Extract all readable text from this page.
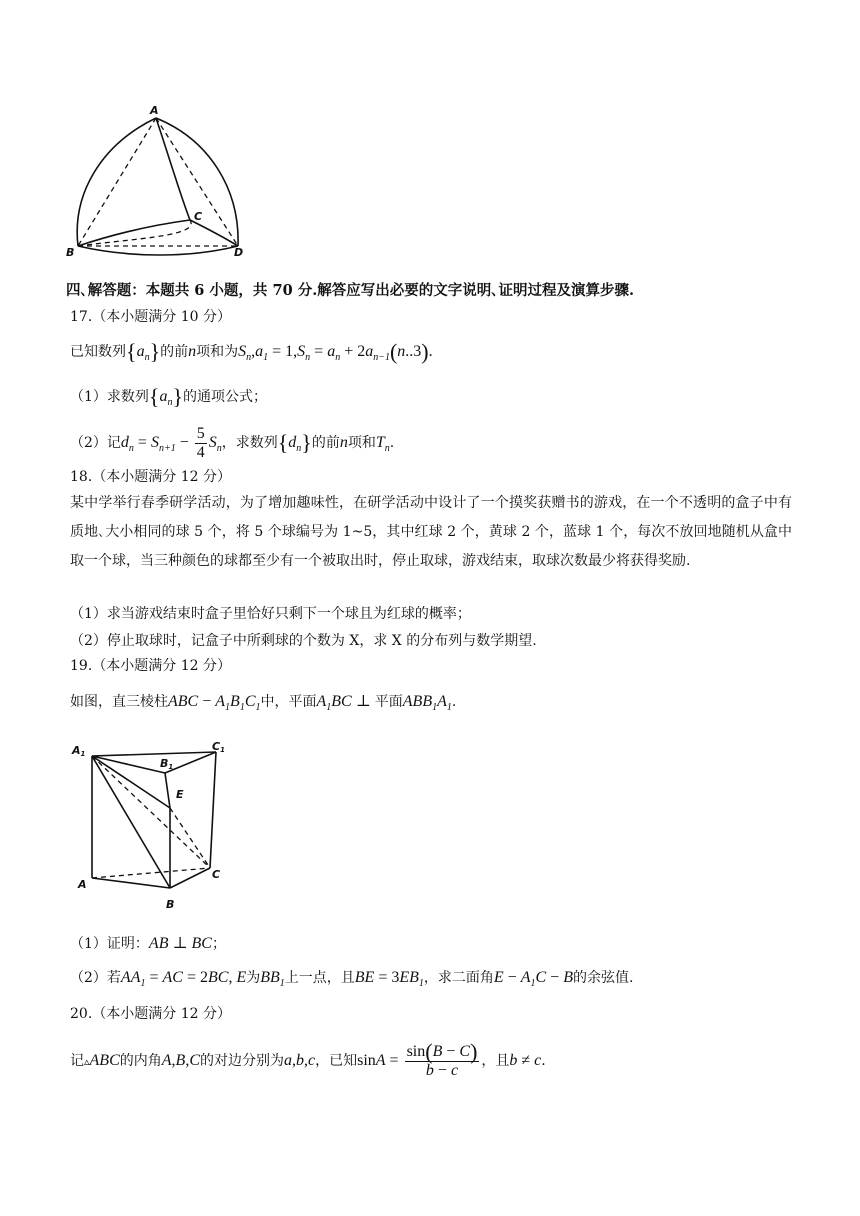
A
B
C
D
四､解答题：本题共 6 小题，共 70 分.解答应写出必要的文字说明､证明过程及演算步骤.
17.（本小题满分 10 分）
已知数列$\{a_n\}$的前n项和为$S_n,a_1 = 1,S_n = a_n + 2a_{n-1}(n..3)$.
（1）求数列$\{a_n\}$的通项公式；
（2）记$d_n = S_{n+1} - \frac{5}{4} S_n$，求数列$\{d_n\}$的前n项和$T_n$.
18.（本小题满分 12 分）
某中学举行春季研学活动，为了增加趣味性，在研学活动中设计了一个摸奖获赠书的游戏，在一个不透明的盒子中有质地､大小相同的球 5 个，将 5 个球编号为 1~5，其中红球 2 个，黄球 2 个，蓝球 1 个，每次不放回地随机从盒中取一个球，当三种颜色的球都至少有一个被取出时，停止取球，游戏结束，取球次数最少将获得奖励.
（1）求当游戏结束时盒子里恰好只剩下一个球且为红球的概率；
（2）停止取球时，记盒子中所剩球的个数为 X，求 X 的分布列与数学期望.
19.（本小题满分 12 分）
如图，直三棱柱ABC − $A_1B_1C_1$中，平面$A_1BC$ ⊥ 平面$ABB_1A_1$.
A1
B1
C1
E
A
B
C
（1）证明：AB ⊥ BC；
（2）若$AA_1$ = AC = 2BC, E为$BB_1$上一点，且BE = $3EB_1$，求二面角$E - A_1C - B$的余弦值.
20.（本小题满分 12 分）
记▵ABC的内角A,B,C的对边分别为a,b,c，已知$\sin A = \frac{\sin(B - C)}{b - c}$ ，且b ≠ c.
